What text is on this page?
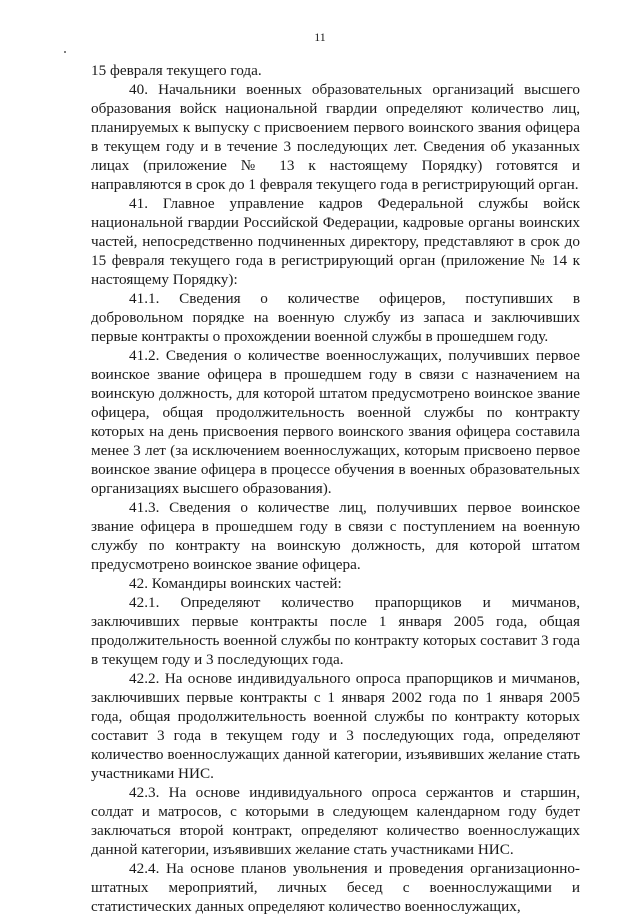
11

15 февраля текущего года.

40. Начальники военных образовательных организаций высшего образования войск национальной гвардии определяют количество лиц, планируемых к выпуску с присвоением первого воинского звания офицера в текущем году и в течение 3 последующих лет. Сведения об указанных лицах (приложение № 13 к настоящему Порядку) готовятся и направляются в срок до 1 февраля текущего года в регистрирующий орган.

41. Главное управление кадров Федеральной службы войск национальной гвардии Российской Федерации, кадровые органы воинских частей, непосредственно подчиненных директору, представляют в срок до 15 февраля текущего года в регистрирующий орган (приложение № 14 к настоящему Порядку):

41.1. Сведения о количестве офицеров, поступивших в добровольном порядке на военную службу из запаса и заключивших первые контракты о прохождении военной службы в прошедшем году.

41.2. Сведения о количестве военнослужащих, получивших первое воинское звание офицера в прошедшем году в связи с назначением на воинскую должность, для которой штатом предусмотрено воинское звание офицера, общая продолжительность военной службы по контракту которых на день присвоения первого воинского звания офицера составила менее 3 лет (за исключением военнослужащих, которым присвоено первое воинское звание офицера в процессе обучения в военных образовательных организациях высшего образования).

41.3. Сведения о количестве лиц, получивших первое воинское звание офицера в прошедшем году в связи с поступлением на военную службу по контракту на воинскую должность, для которой штатом предусмотрено воинское звание офицера.

42. Командиры воинских частей:

42.1. Определяют количество прапорщиков и мичманов, заключивших первые контракты после 1 января 2005 года, общая продолжительность военной службы по контракту которых составит 3 года в текущем году и 3 последующих года.

42.2. На основе индивидуального опроса прапорщиков и мичманов, заключивших первые контракты с 1 января 2002 года по 1 января 2005 года, общая продолжительность военной службы по контракту которых составит 3 года в текущем году и 3 последующих года, определяют количество военнослужащих данной категории, изъявивших желание стать участниками НИС.

42.3. На основе индивидуального опроса сержантов и старшин, солдат и матросов, с которыми в следующем календарном году будет заключаться второй контракт, определяют количество военнослужащих данной категории, изъявивших желание стать участниками НИС.

42.4. На основе планов увольнения и проведения организационно-штатных мероприятий, личных бесед с военнослужащими и статистических данных определяют количество военнослужащих,
